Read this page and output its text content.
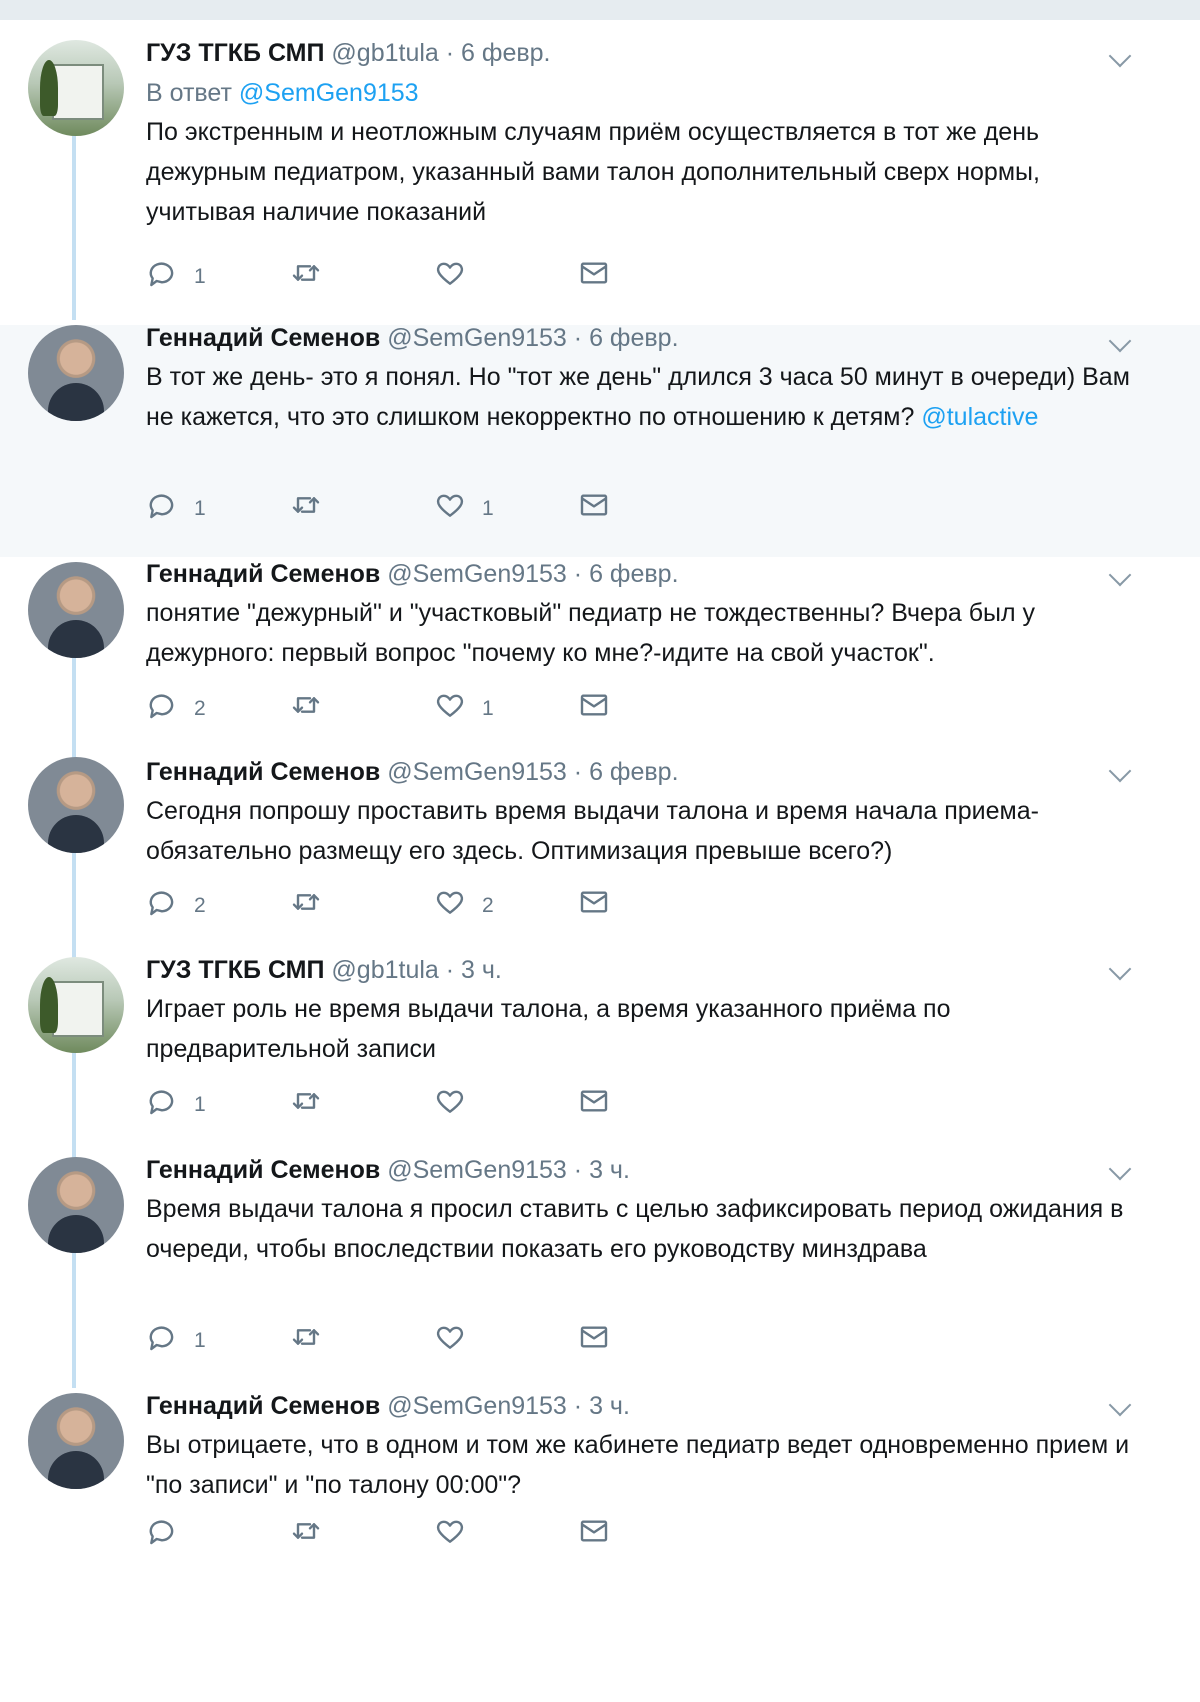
ГУЗ ТГКБ СМП @gb1tula · 6 февр.
В ответ @SemGen9153
По экстренным и неотложным случаям приём осуществляется в тот же день дежурным педиатром, указанный вами талон дополнительный сверх нормы, учитывая наличие показаний
1
Геннадий Семенов @SemGen9153 · 6 февр.
В тот же день- это я понял. Но "тот же день" длился 3 часа 50 минут в очереди) Вам не кажется, что это слишком некорректно по отношению к детям? @tulactive
1	1
Геннадий Семенов @SemGen9153 · 6 февр.
понятие "дежурный" и "участковый" педиатр не тождественны? Вчера был у дежурного: первый вопрос "почему ко мне?-идите на свой участок".
2	1
Геннадий Семенов @SemGen9153 · 6 февр.
Сегодня попрошу проставить время выдачи талона и время начала приема-обязательно размещу его здесь. Оптимизация превыше всего?)
2	2
ГУЗ ТГКБ СМП @gb1tula · 3 ч.
Играет роль не время выдачи талона, а время указанного приёма по предварительной записи
1
Геннадий Семенов @SemGen9153 · 3 ч.
Время выдачи талона я просил ставить с целью зафиксировать период ожидания в очереди, чтобы впоследствии показать его руководству минздрава
1
Геннадий Семенов @SemGen9153 · 3 ч.
Вы отрицаете, что в одном и том же кабинете педиатр ведет одновременно прием и "по записи" и "по талону 00:00"?
